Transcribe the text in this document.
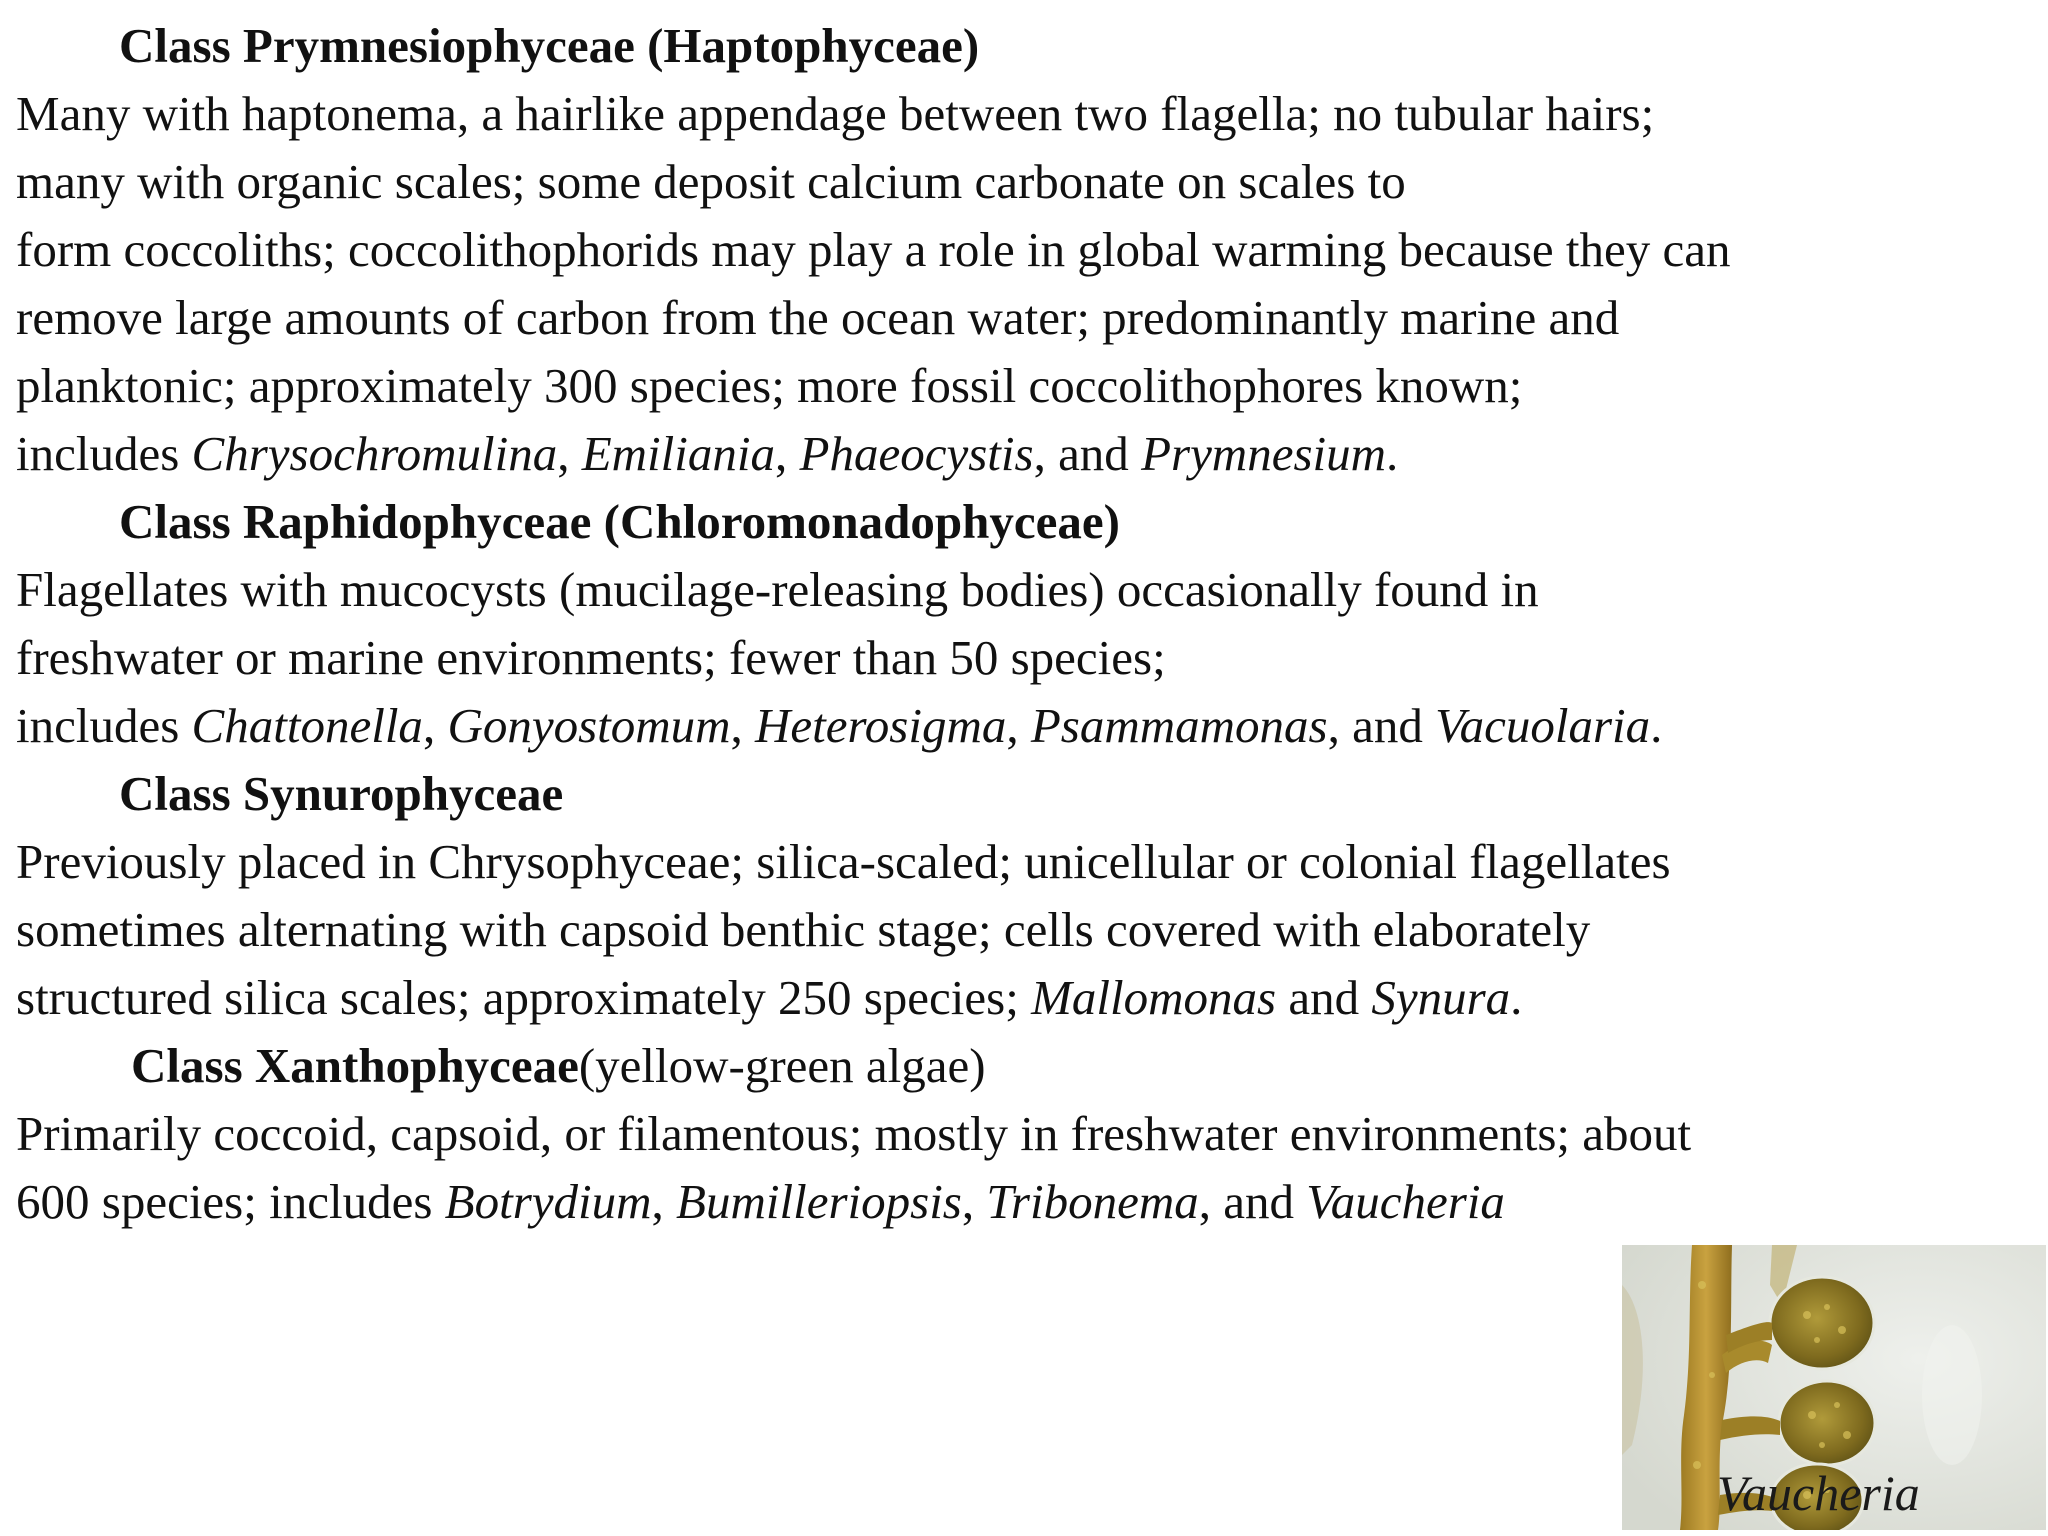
Class Prymnesiophyceae (Haptophyceae)
Many with haptonema, a hairlike appendage between two flagella; no tubular hairs;
many with organic scales; some deposit calcium carbonate on scales to
form coccoliths; coccolithophorids may play a role in global warming because they can
remove large amounts of carbon from the ocean water; predominantly marine and
planktonic; approximately 300 species; more fossil coccolithophores known;
includes Chrysochromulina, Emiliania, Phaeocystis, and Prymnesium.
Class Raphidophyceae (Chloromonadophyceae)
Flagellates with mucocysts (mucilage-releasing bodies) occasionally found in
freshwater or marine environments; fewer than 50 species;
includes Chattonella, Gonyostomum, Heterosigma, Psammamonas, and Vacuolaria.
Class Synurophyceae
Previously placed in Chrysophyceae; silica-scaled; unicellular or colonial flagellates
sometimes alternating with capsoid benthic stage; cells covered with elaborately
structured silica scales; approximately 250 species; Mallomonas and Synura.
Class Xanthophyceae(yellow-green algae)
Primarily coccoid, capsoid, or filamentous; mostly in freshwater environments; about
600 species; includes Botrydium, Bumilleriopsis, Tribonema, and Vaucheria
Vaucheria
